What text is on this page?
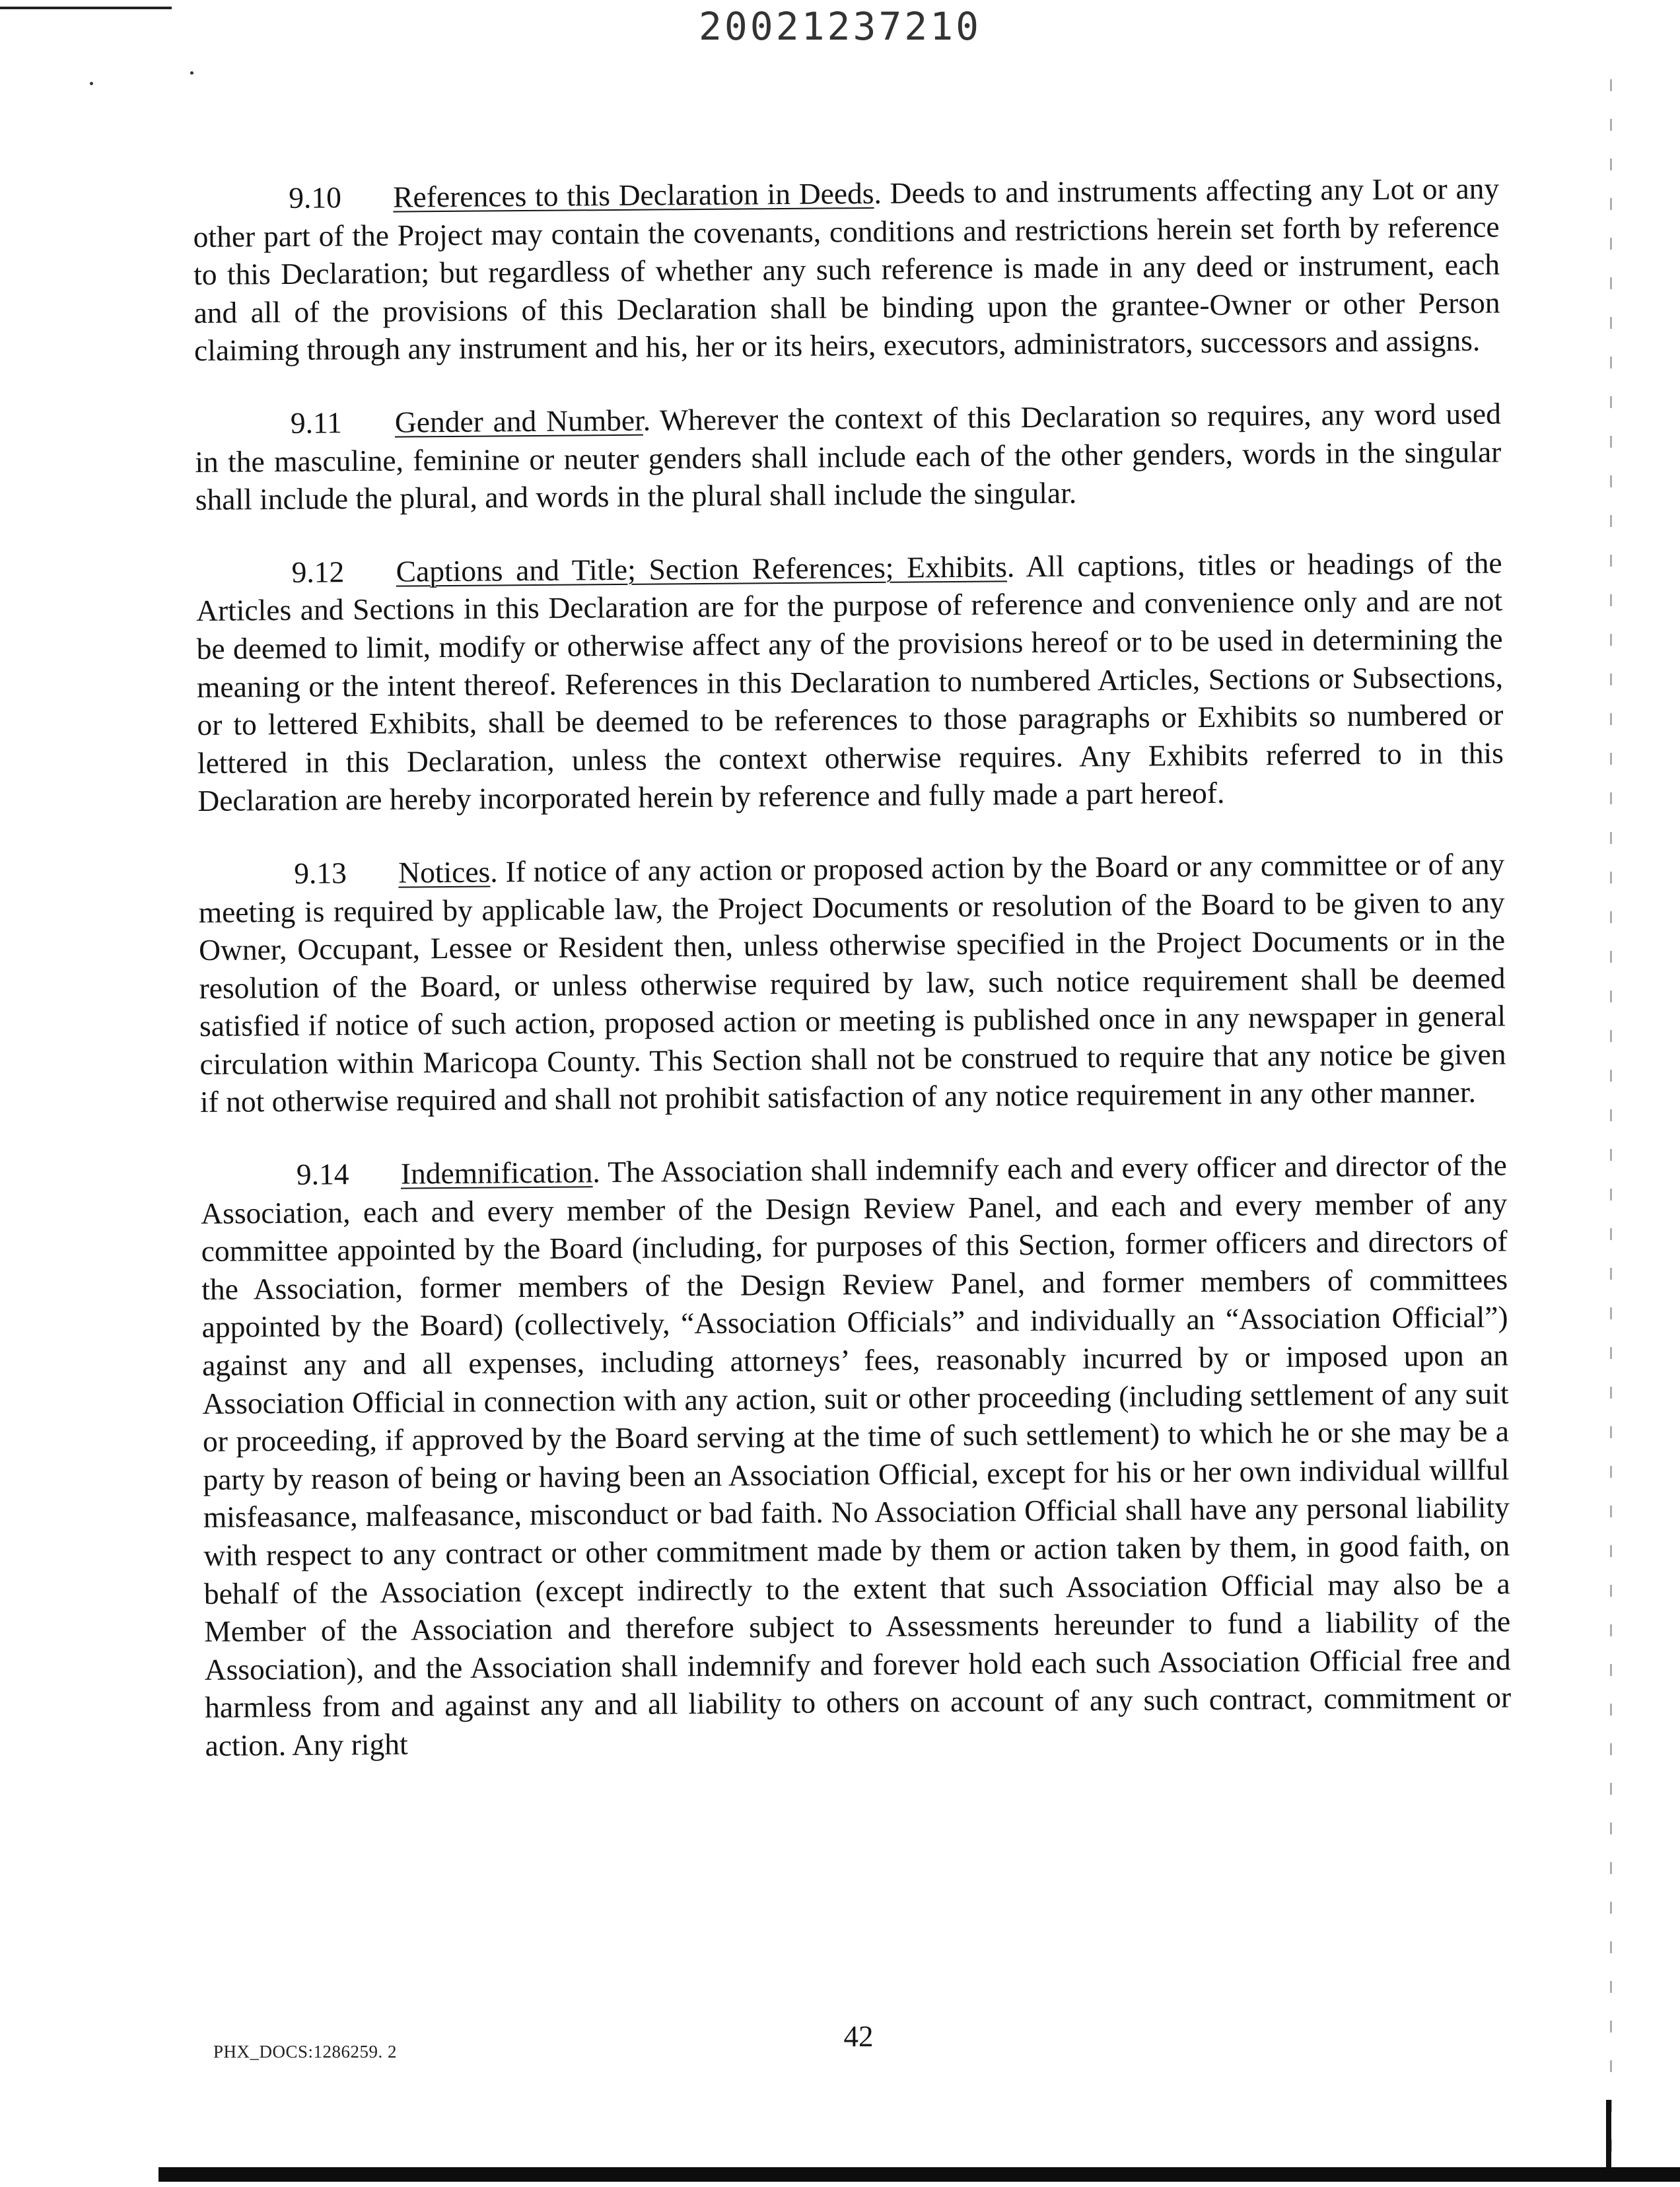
20021237210

9.10 References to this Declaration in Deeds. Deeds to and instruments affecting any Lot or any other part of the Project may contain the covenants, conditions and restrictions herein set forth by reference to this Declaration; but regardless of whether any such reference is made in any deed or instrument, each and all of the provisions of this Declaration shall be binding upon the grantee-Owner or other Person claiming through any instrument and his, her or its heirs, executors, administrators, successors and assigns.

9.11 Gender and Number. Wherever the context of this Declaration so requires, any word used in the masculine, feminine or neuter genders shall include each of the other genders, words in the singular shall include the plural, and words in the plural shall include the singular.

9.12 Captions and Title; Section References; Exhibits. All captions, titles or headings of the Articles and Sections in this Declaration are for the purpose of reference and convenience only and are not be deemed to limit, modify or otherwise affect any of the provisions hereof or to be used in determining the meaning or the intent thereof. References in this Declaration to numbered Articles, Sections or Subsections, or to lettered Exhibits, shall be deemed to be references to those paragraphs or Exhibits so numbered or lettered in this Declaration, unless the context otherwise requires. Any Exhibits referred to in this Declaration are hereby incorporated herein by reference and fully made a part hereof.

9.13 Notices. If notice of any action or proposed action by the Board or any committee or of any meeting is required by applicable law, the Project Documents or resolution of the Board to be given to any Owner, Occupant, Lessee or Resident then, unless otherwise specified in the Project Documents or in the resolution of the Board, or unless otherwise required by law, such notice requirement shall be deemed satisfied if notice of such action, proposed action or meeting is published once in any newspaper in general circulation within Maricopa County. This Section shall not be construed to require that any notice be given if not otherwise required and shall not prohibit satisfaction of any notice requirement in any other manner.

9.14 Indemnification. The Association shall indemnify each and every officer and director of the Association, each and every member of the Design Review Panel, and each and every member of any committee appointed by the Board (including, for purposes of this Section, former officers and directors of the Association, former members of the Design Review Panel, and former members of committees appointed by the Board) (collectively, “Association Officials” and individually an “Association Official”) against any and all expenses, including attorneys’ fees, reasonably incurred by or imposed upon an Association Official in connection with any action, suit or other proceeding (including settlement of any suit or proceeding, if approved by the Board serving at the time of such settlement) to which he or she may be a party by reason of being or having been an Association Official, except for his or her own individual willful misfeasance, malfeasance, misconduct or bad faith. No Association Official shall have any personal liability with respect to any contract or other commitment made by them or action taken by them, in good faith, on behalf of the Association (except indirectly to the extent that such Association Official may also be a Member of the Association and therefore subject to Assessments hereunder to fund a liability of the Association), and the Association shall indemnify and forever hold each such Association Official free and harmless from and against any and all liability to others on account of any such contract, commitment or action. Any right

PHX_DOCS:1286259. 2	42
